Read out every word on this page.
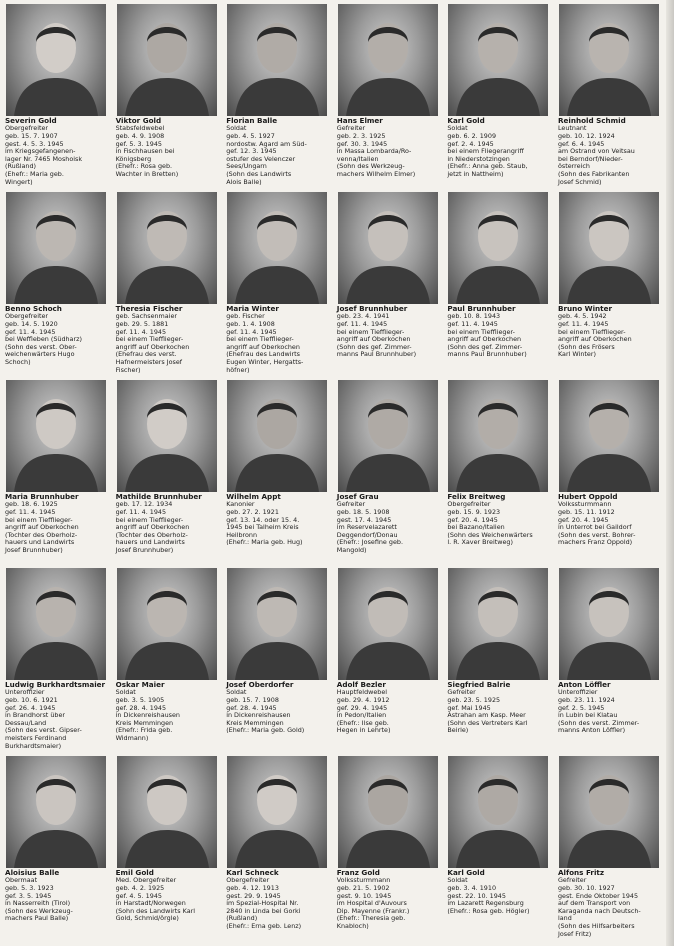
Severin Gold
Obergefreiter
geb. 15. 7. 1907
gest. 4. 5. 3. 1945
im Kriegsgefangenen-
lager Nr. 7465 Moshoisk
(Rußland)
(Ehefr.: Maria geb.
Wingert)
Viktor Gold
Stabsfeldwebel
geb. 4. 9. 1908
gef. 5. 3. 1945
in Fischhausen bei
Königsberg
(Ehefr.: Rosa geb.
Wachter in Bretten)
Florian Balle
Soldat
geb. 4. 5. 1927
nordostw. Agard am Süd-
gef. 12. 3. 1945
ostufer des Velenczer
Sees/Ungarn
(Sohn des Landwirts
Alois Balle)
Hans Elmer
Gefreiter
geb. 2. 3. 1925
gef. 30. 3. 1945
in Massa Lombarda/Ro-
venna/Italien
(Sohn des Werkzeug-
machers Wilhelm Elmer)
Karl Gold
Soldat
geb. 6. 2. 1909
gef. 2. 4. 1945
bei einem Fliegerangriff
in Niederstotzingen
(Ehefr.: Anna geb. Staub,
jetzt in Nattheim)
Reinhold Schmid
Leutnant
geb. 10. 12. 1924
gef. 6. 4. 1945
am Ostrand von Veitsau
bei Berndorf/Nieder-
österreich
(Sohn des Fabrikanten
Josef Schmid)
Benno Schoch
Obergefreiter
geb. 14. 5. 1920
gef. 11. 4. 1945
bei Weffleben (Südharz)
(Sohn des verst. Ober-
weichenwärters Hugo
Schoch)
Theresia Fischer
geb. Sachsenmaier
geb. 29. 5. 1881
gef. 11. 4. 1945
bei einem Tiefflieger-
angriff auf Oberkochen
(Ehefrau des verst.
Hafnermeisters Josef
Fischer)
Maria Winter
geb. Fischer
geb. 1. 4. 1908
gef. 11. 4. 1945
bei einem Tiefflieger-
angriff auf Oberkochen
(Ehefrau des Landwirts
Eugen Winter, Hergatts-
höfner)
Josef Brunnhuber
geb. 23. 4. 1941
gef. 11. 4. 1945
bei einem Tiefflieger-
angriff auf Oberkochen
(Sohn des gef. Zimmer-
manns Paul Brunnhuber)
Paul Brunnhuber
geb. 10. 8. 1943
gef. 11. 4. 1945
bei einem Tiefflieger-
angriff auf Oberkochen
(Sohn des gef. Zimmer-
manns Paul Brunnhuber)
Bruno Winter
geb. 4. 5. 1942
gef. 11. 4. 1945
bei einem Tiefflieger-
angriff auf Oberkochen
(Sohn des Frösers
Karl Winter)
Maria Brunnhuber
geb. 18. 6. 1925
gef. 11. 4. 1945
bei einem Tiefflieger-
angriff auf Oberkochen
(Tochter des Oberholz-
hauers und Landwirts
Josef Brunnhuber)
Mathilde Brunnhuber
geb. 17. 12. 1934
gef. 11. 4. 1945
bei einem Tiefflieger-
angriff auf Oberkochen
(Tochter des Oberholz-
hauers und Landwirts
Josef Brunnhuber)
Wilhelm Appt
Kanonier
geb. 27. 2. 1921
gef. 13. 14. oder 15. 4.
1945 bei Talheim Kreis
Heilbronn
(Ehefr.: Maria geb. Hug)
Josef Grau
Gefreiter
geb. 18. 5. 1908
gest. 17. 4. 1945
im Reservelazarett
Deggendorf/Donau
(Ehefr.: Josefine geb.
Mangold)
Felix Breitweg
Obergefreiter
geb. 15. 9. 1923
gef. 20. 4. 1945
bei Bazano/Italien
(Sohn des Weichenwärters
l. R. Xaver Breitweg)
Hubert Oppold
Volkssturmmann
geb. 15. 11. 1912
gef. 20. 4. 1945
in Unterrot bei Gaildorf
(Sohn des verst. Bohrer-
machers Franz Oppold)
Ludwig Burkhardtsmaier
Unteroffizier
geb. 10. 6. 1921
gef. 26. 4. 1945
in Brandhorst über
Dessau/Land
(Sohn des verst. Gipser-
meisters Ferdinand
Burkhardtsmaier)
Oskar Maier
Soldat
geb. 3. 5. 1905
gef. 28. 4. 1945
in Dickenreishausen
Kreis Memmingen
(Ehefr.: Frida geb.
Widmann)
Josef Oberdorfer
Soldat
geb. 15. 7. 1908
gef. 28. 4. 1945
in Dickenreishausen
Kreis Memmingen
(Ehefr.: Maria geb. Gold)
Adolf Bezler
Hauptfeldwebel
geb. 29. 4. 1912
gef. 29. 4. 1945
in Pedon/Italien
(Ehefr.: Ilse geb.
Hegen in Lehrte)
Siegfried Balrie
Gefreiter
geb. 23. 5. 1925
gef. Mai 1945
Astrahan am Kasp. Meer
(Sohn des Vertreters Karl
Beirle)
Anton Löffler
Unteroffizier
geb. 23. 11. 1924
gef. 2. 5. 1945
in Lubin bei Klatau
(Sohn des verst. Zimmer-
manns Anton Löffler)
Aloisius Balle
Obermaat
geb. 5. 3. 1923
gef. 3. 5. 1945
in Nasserreith (Tirol)
(Sohn des Werkzeug-
machers Paul Balle)
Emil Gold
Med. Obergefreiter
geb. 4. 2. 1925
gef. 4. 5. 1945
in Harstadt/Norwegen
(Sohn des Landwirts Karl
Gold, Schmid/örgle)
Karl Schneck
Obergefreiter
geb. 4. 12. 1913
gest. 29. 9. 1945
im Spezial-Hospital Nr.
2840 in Linda bei Gorki
(Rußland)
(Ehefr.: Erna geb. Lenz)
Franz Gold
Volkssturmmann
geb. 21. 5. 1902
gest. 9. 10. 1945
im Hospital d'Auvours
Dip. Mayenne (Frankr.)
(Ehefr.: Theresia geb.
Knabloch)
Karl Gold
Soldat
geb. 3. 4. 1910
gest. 22. 10. 1945
im Lazarett Regensburg
(Ehefr.: Rosa geb. Högler)
Alfons Fritz
Gefreiter
geb. 30. 10. 1927
gest. Ende Oktober 1945
auf dem Transport von
Karaganda nach Deutsch-
land
(Sohn des Hilfsarbeiters
Josef Fritz)
